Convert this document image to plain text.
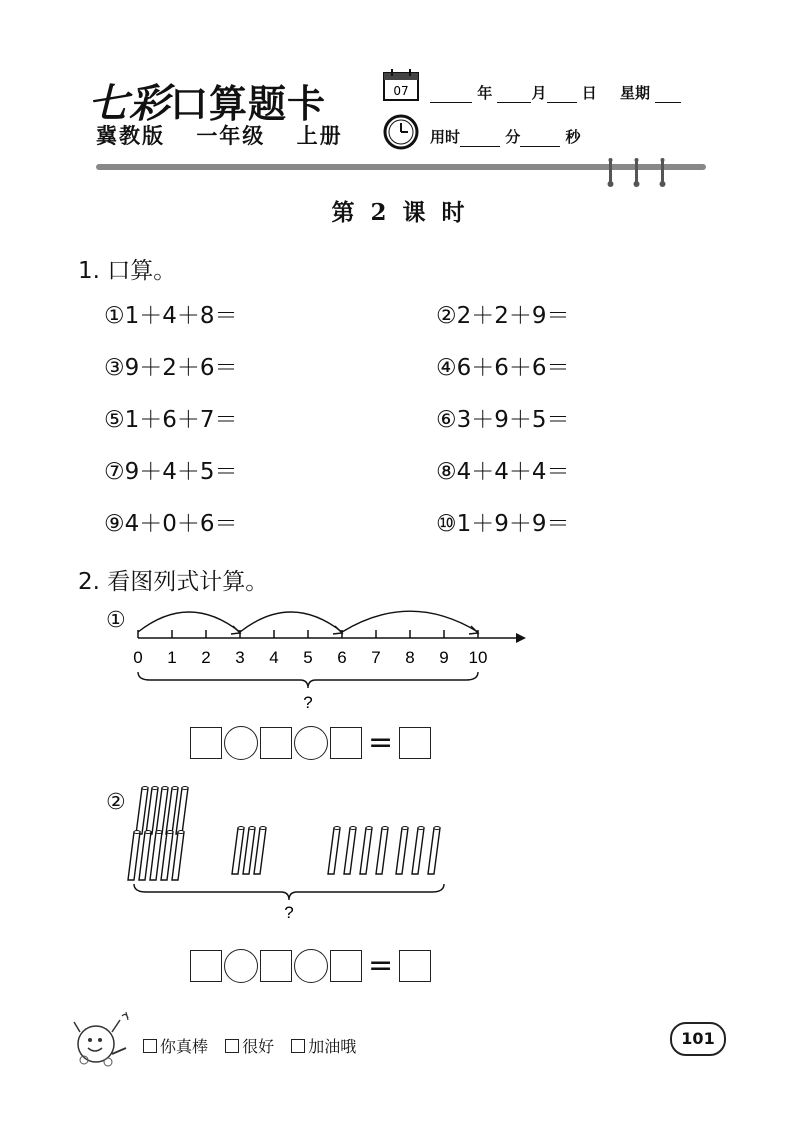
七彩口算题卡
冀教版 一年级 上册
07	年	月 日 星期
用时	分	秒
第 2 课 时
1. 口算。
①1＋4＋8＝	②2＋2＋9＝
③9＋2＋6＝	④6＋6＋6＝
⑤1＋6＋7＝	⑥3＋9＋5＝
⑦9＋4＋5＝	⑧4＋4＋4＝
⑨4＋0＋6＝	⑩1＋9＋9＝
2. 看图列式计算。
①
0 1 2 3 4 5 6 7 8 9 10
?
=
②
?
=
你真棒 很好 加油哦	101
